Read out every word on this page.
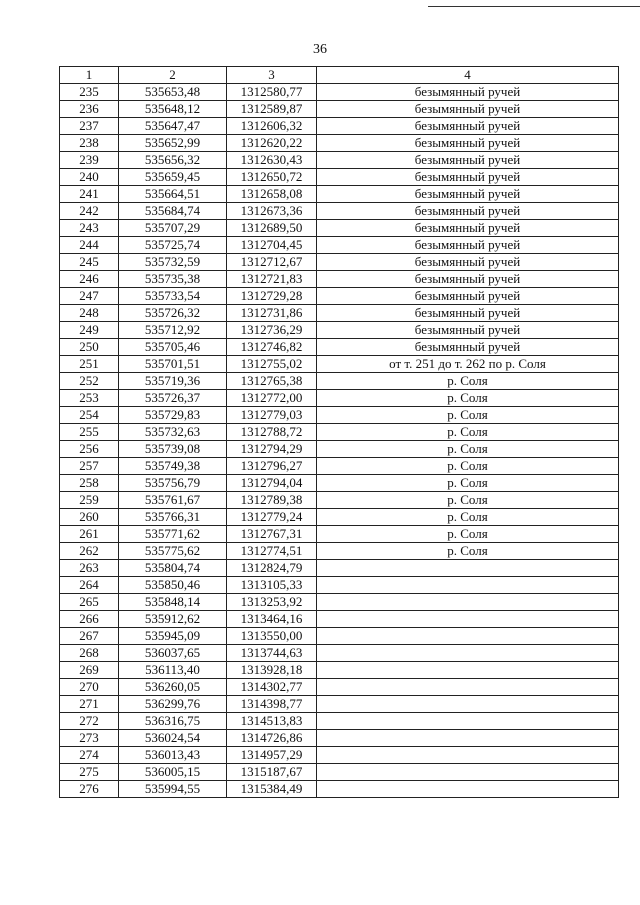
36
1	2	3	4
235	535653,48	1312580,77	безымянный ручей
236	535648,12	1312589,87	безымянный ручей
237	535647,47	1312606,32	безымянный ручей
238	535652,99	1312620,22	безымянный ручей
239	535656,32	1312630,43	безымянный ручей
240	535659,45	1312650,72	безымянный ручей
241	535664,51	1312658,08	безымянный ручей
242	535684,74	1312673,36	безымянный ручей
243	535707,29	1312689,50	безымянный ручей
244	535725,74	1312704,45	безымянный ручей
245	535732,59	1312712,67	безымянный ручей
246	535735,38	1312721,83	безымянный ручей
247	535733,54	1312729,28	безымянный ручей
248	535726,32	1312731,86	безымянный ручей
249	535712,92	1312736,29	безымянный ручей
250	535705,46	1312746,82	безымянный ручей
251	535701,51	1312755,02	от т. 251 до т. 262 по р. Соля
252	535719,36	1312765,38	р. Соля
253	535726,37	1312772,00	р. Соля
254	535729,83	1312779,03	р. Соля
255	535732,63	1312788,72	р. Соля
256	535739,08	1312794,29	р. Соля
257	535749,38	1312796,27	р. Соля
258	535756,79	1312794,04	р. Соля
259	535761,67	1312789,38	р. Соля
260	535766,31	1312779,24	р. Соля
261	535771,62	1312767,31	р. Соля
262	535775,62	1312774,51	р. Соля
263	535804,74	1312824,79	
264	535850,46	1313105,33	
265	535848,14	1313253,92	
266	535912,62	1313464,16	
267	535945,09	1313550,00	
268	536037,65	1313744,63	
269	536113,40	1313928,18	
270	536260,05	1314302,77	
271	536299,76	1314398,77	
272	536316,75	1314513,83	
273	536024,54	1314726,86	
274	536013,43	1314957,29	
275	536005,15	1315187,67	
276	535994,55	1315384,49	
